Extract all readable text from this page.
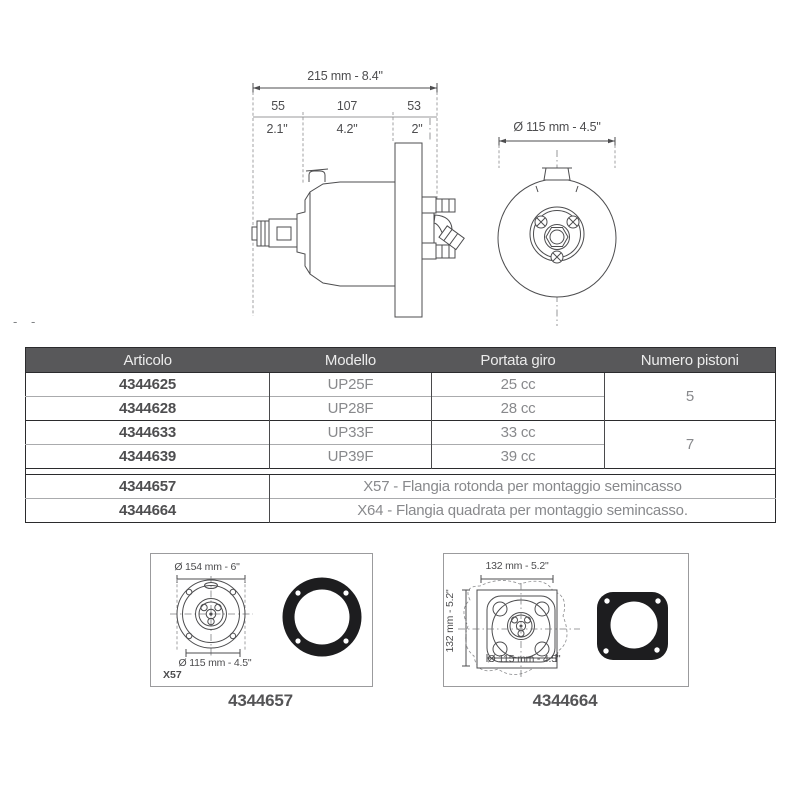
215 mm - 8.4"
55	107	53
2.1"	4.2"	2"	Ø 115 mm - 4.5"
Ø 154 mm - 6"
Ø 115 mm - 4.5"
X57
132 mm - 5.2"
132 mm - 5.2"
Ø 115 mm - 4.5"
- -
Articolo	Modello	Portata giro	Numero pistoni
4344625	UP25F	25 cc	5
4344628	UP28F	28 cc	
4344633	UP33F	33 cc	7
4344639	UP39F	39 cc	

4344657	X57 - Flangia rotonda per montaggio semincasso		
4344664	X64 - Flangia quadrata per montaggio semincasso.		
4344657	4344664
